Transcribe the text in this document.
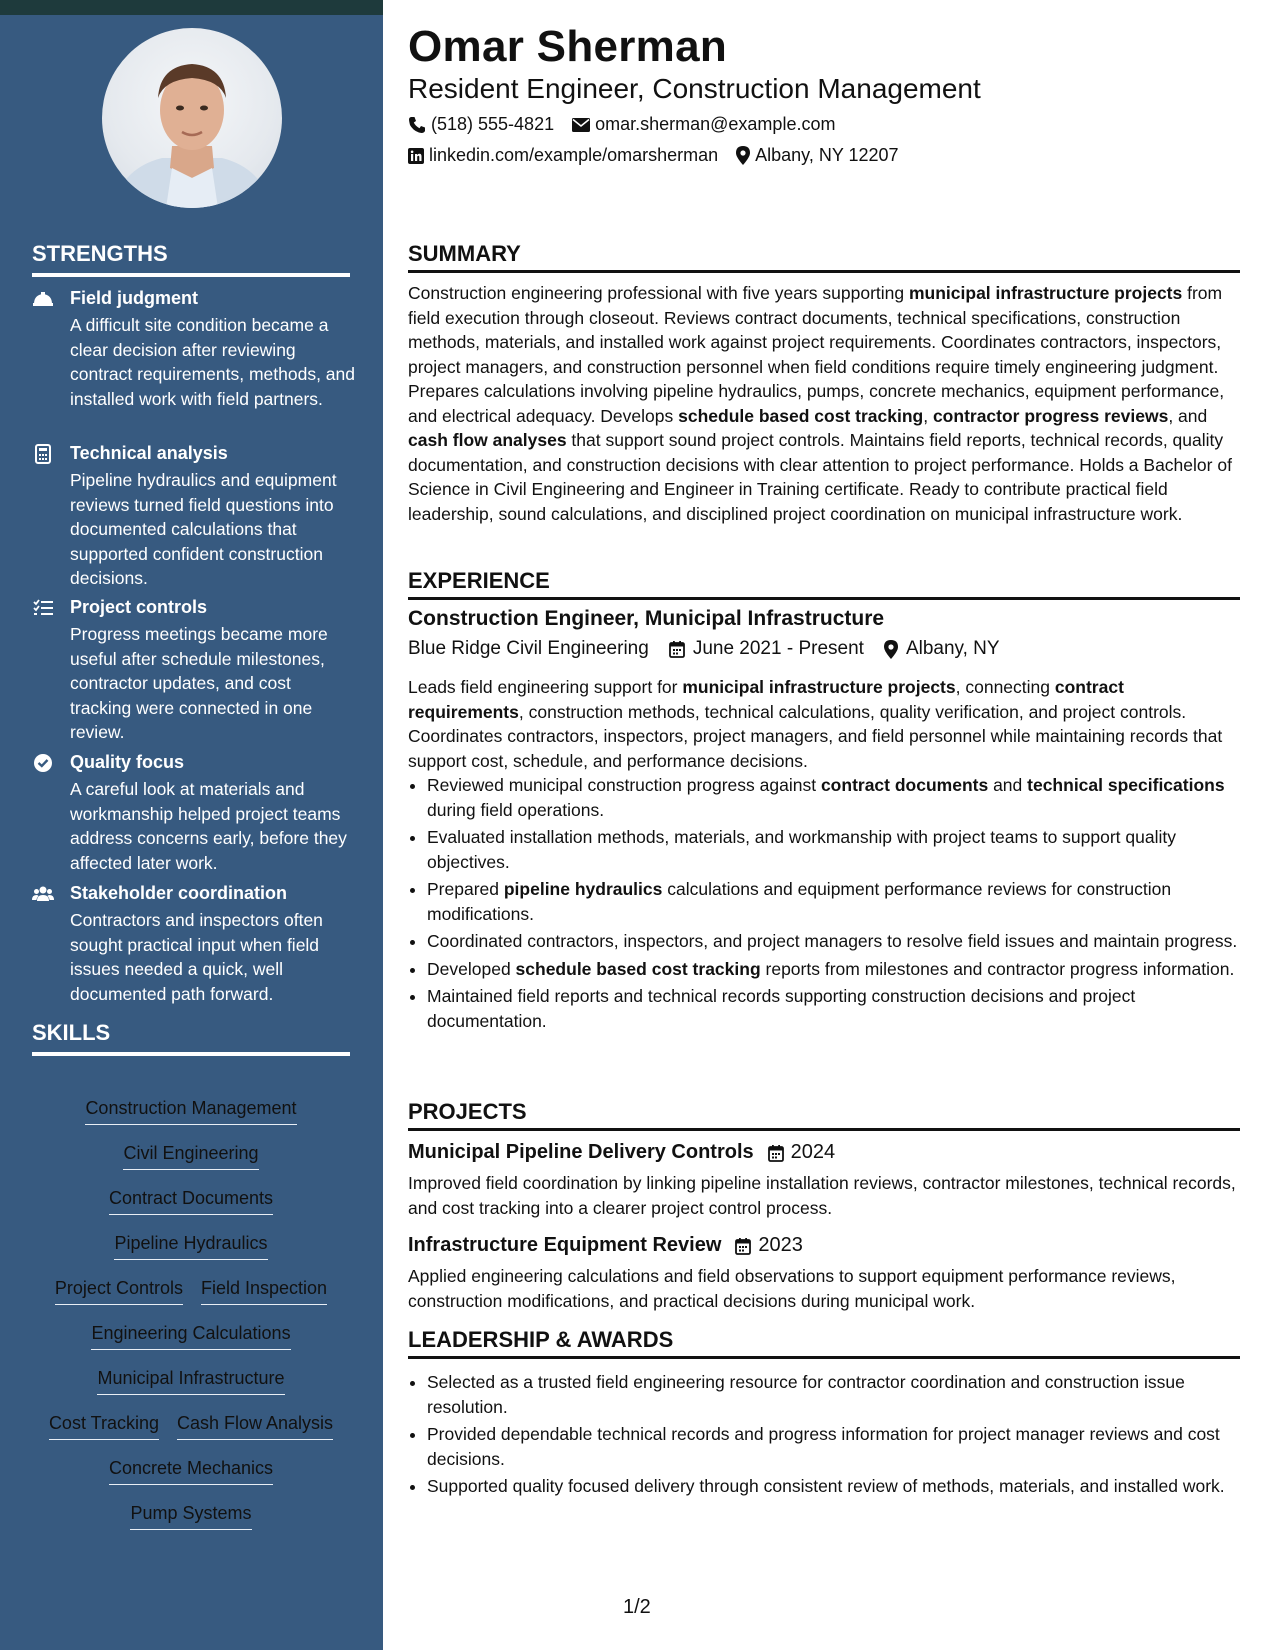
STRENGTHS
Field judgment
A difficult site condition became a clear decision after reviewing contract requirements, methods, and installed work with field partners.
Technical analysis
Pipeline hydraulics and equipment reviews turned field questions into documented calculations that supported confident construction decisions.
Project controls
Progress meetings became more useful after schedule milestones, contractor updates, and cost tracking were connected in one review.
Quality focus
A careful look at materials and workmanship helped project teams address concerns early, before they affected later work.
Stakeholder coordination
Contractors and inspectors often sought practical input when field issues needed a quick, well documented path forward.
SKILLS
Construction Management
Civil Engineering
Contract Documents
Pipeline Hydraulics
Project Controls Field Inspection
Engineering Calculations
Municipal Infrastructure
Cost Tracking Cash Flow Analysis
Concrete Mechanics
Pump Systems
Omar Sherman
Resident Engineer, Construction Management
(518) 555-4821 omar.sherman@example.com
linkedin.com/example/omarsherman Albany, NY 12207
SUMMARY
Construction engineering professional with five years supporting municipal infrastructure projects from field execution through closeout. Reviews contract documents, technical specifications, construction methods, materials, and installed work against project requirements. Coordinates contractors, inspectors, project managers, and construction personnel when field conditions require timely engineering judgment. Prepares calculations involving pipeline hydraulics, pumps, concrete mechanics, equipment performance, and electrical adequacy. Develops schedule based cost tracking, contractor progress reviews, and cash flow analyses that support sound project controls. Maintains field reports, technical records, quality documentation, and construction decisions with clear attention to project performance. Holds a Bachelor of Science in Civil Engineering and Engineer in Training certificate. Ready to contribute practical field leadership, sound calculations, and disciplined project coordination on municipal infrastructure work.
EXPERIENCE
Construction Engineer, Municipal Infrastructure
Blue Ridge Civil Engineering June 2021 - Present Albany, NY
Leads field engineering support for municipal infrastructure projects, connecting contract requirements, construction methods, technical calculations, quality verification, and project controls. Coordinates contractors, inspectors, project managers, and field personnel while maintaining records that support cost, schedule, and performance decisions.
• Reviewed municipal construction progress against contract documents and technical specifications during field operations.
• Evaluated installation methods, materials, and workmanship with project teams to support quality objectives.
• Prepared pipeline hydraulics calculations and equipment performance reviews for construction modifications.
• Coordinated contractors, inspectors, and project managers to resolve field issues and maintain progress.
• Developed schedule based cost tracking reports from milestones and contractor progress information.
• Maintained field reports and technical records supporting construction decisions and project documentation.
PROJECTS
Municipal Pipeline Delivery Controls 2024
Improved field coordination by linking pipeline installation reviews, contractor milestones, technical records, and cost tracking into a clearer project control process.
Infrastructure Equipment Review 2023
Applied engineering calculations and field observations to support equipment performance reviews, construction modifications, and practical decisions during municipal work.
LEADERSHIP & AWARDS
• Selected as a trusted field engineering resource for contractor coordination and construction issue resolution.
• Provided dependable technical records and progress information for project manager reviews and cost decisions.
• Supported quality focused delivery through consistent review of methods, materials, and installed work.
1/2
